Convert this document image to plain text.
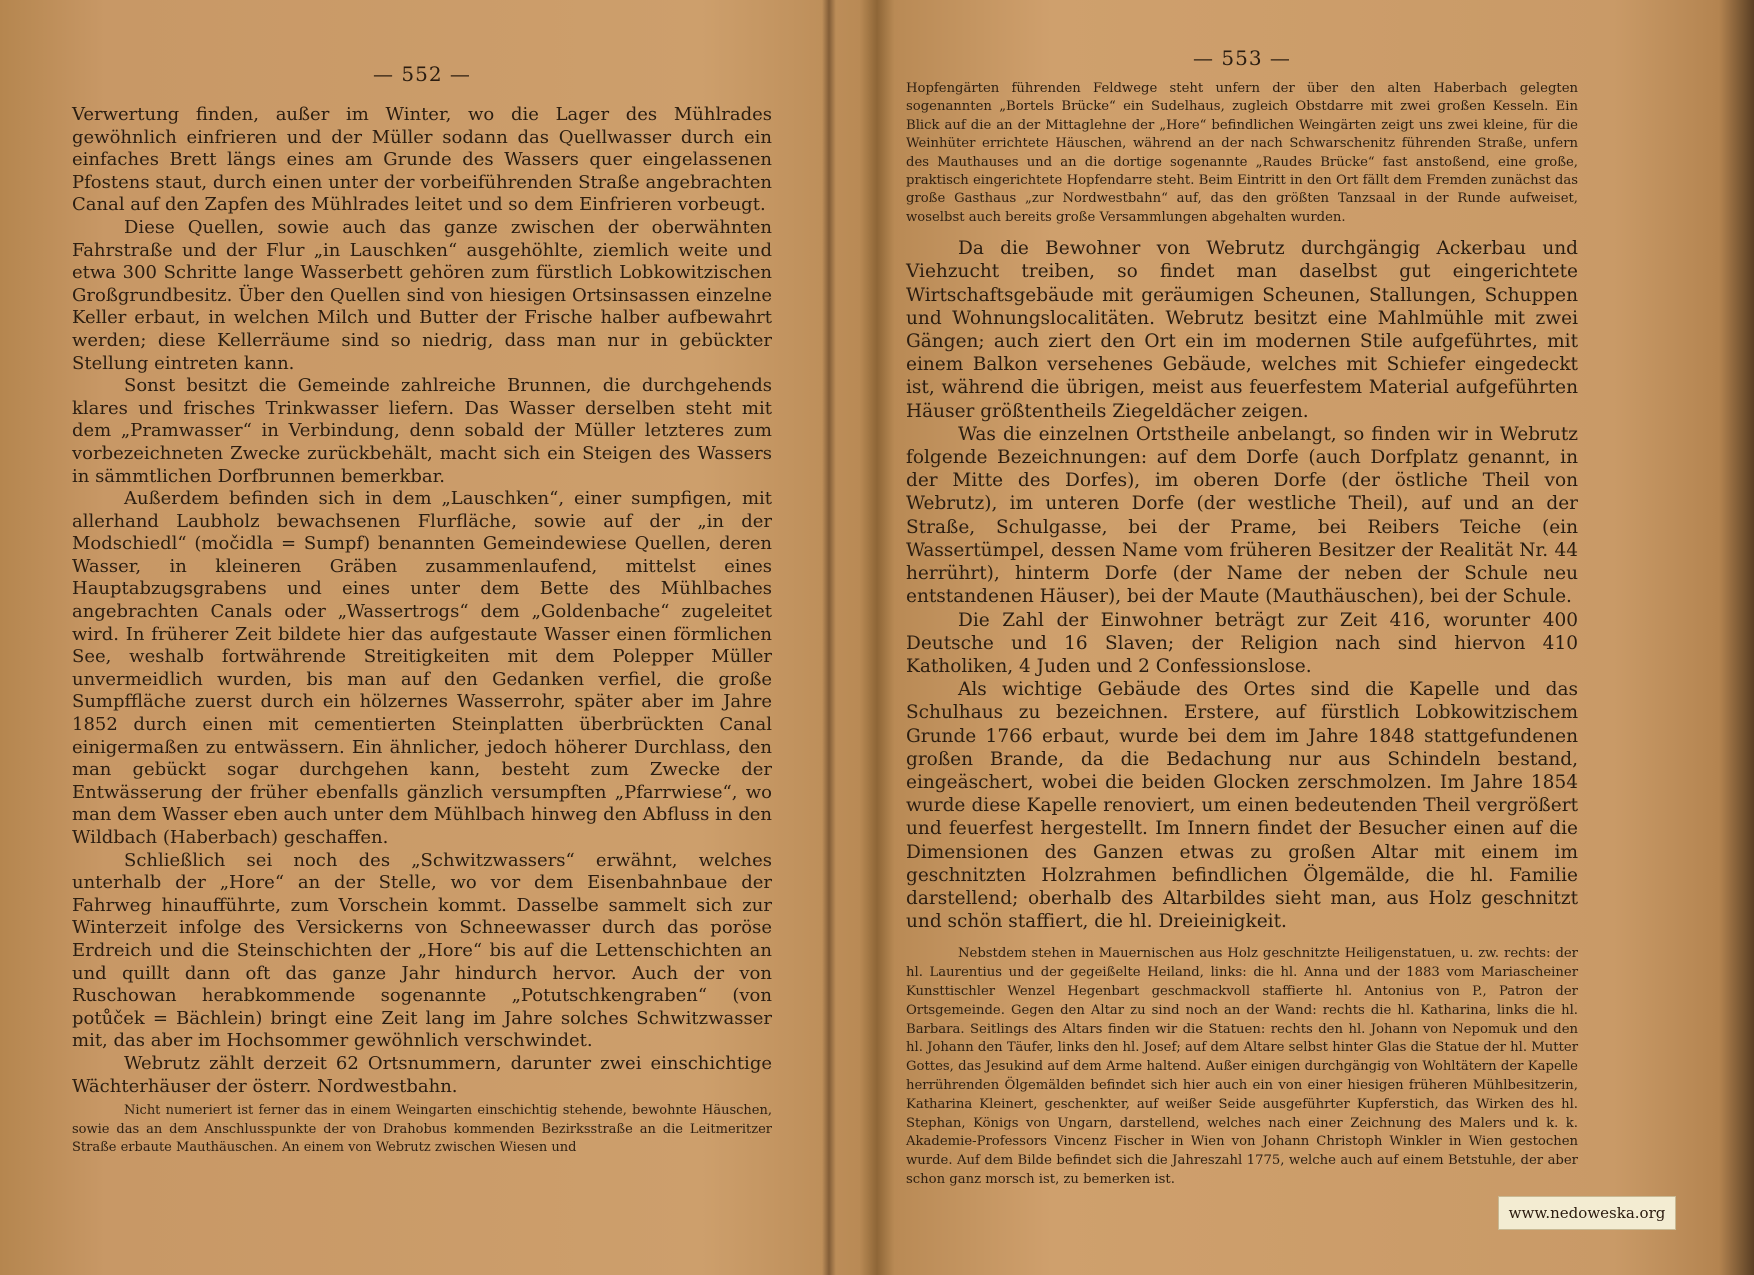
— 552 —

Verwertung finden, außer im Winter, wo die Lager des Mühlrades gewöhnlich einfrieren und der Müller sodann das Quellwasser durch ein einfaches Brett längs eines am Grunde des Wassers quer eingelassenen Pfostens staut, durch einen unter der vorbeiführenden Straße angebrachten Canal auf den Zapfen des Mühlrades leitet und so dem Einfrieren vorbeugt.

Diese Quellen, sowie auch das ganze zwischen der oberwähnten Fahrstraße und der Flur „in Lauschken“ ausgehöhlte, ziemlich weite und etwa 300 Schritte lange Wasserbett gehören zum fürstlich Lobkowitzischen Großgrundbesitz. Über den Quellen sind von hiesigen Ortsinsassen einzelne Keller erbaut, in welchen Milch und Butter der Frische halber aufbewahrt werden; diese Kellerräume sind so niedrig, dass man nur in gebückter Stellung eintreten kann.

Sonst besitzt die Gemeinde zahlreiche Brunnen, die durchgehends klares und frisches Trinkwasser liefern. Das Wasser derselben steht mit dem „Pramwasser“ in Verbindung, denn sobald der Müller letzteres zum vorbezeichneten Zwecke zurückbehält, macht sich ein Steigen des Wassers in sämmtlichen Dorfbrunnen bemerkbar.

Außerdem befinden sich in dem „Lauschken“, einer sumpfigen, mit allerhand Laubholz bewachsenen Flurfläche, sowie auf der „in der Modschiedl“ (močidla = Sumpf) benannten Gemeindewiese Quellen, deren Wasser, in kleineren Gräben zusammenlaufend, mittelst eines Hauptabzugsgrabens und eines unter dem Bette des Mühlbaches angebrachten Canals oder „Wassertrogs“ dem „Goldenbache“ zugeleitet wird. In früherer Zeit bildete hier das aufgestaute Wasser einen förmlichen See, weshalb fortwährende Streitigkeiten mit dem Polepper Müller unvermeidlich wurden, bis man auf den Gedanken verfiel, die große Sumpffläche zuerst durch ein hölzernes Wasserrohr, später aber im Jahre 1852 durch einen mit cementierten Steinplatten überbrückten Canal einigermaßen zu entwässern. Ein ähnlicher, jedoch höherer Durchlass, den man gebückt sogar durchgehen kann, besteht zum Zwecke der Entwässerung der früher ebenfalls gänzlich versumpften „Pfarrwiese“, wo man dem Wasser eben auch unter dem Mühlbach hinweg den Abfluss in den Wildbach (Haberbach) geschaffen.

Schließlich sei noch des „Schwitzwassers“ erwähnt, welches unterhalb der „Hore“ an der Stelle, wo vor dem Eisenbahnbaue der Fahrweg hinaufführte, zum Vorschein kommt. Dasselbe sammelt sich zur Winterzeit infolge des Versickerns von Schneewasser durch das poröse Erdreich und die Steinschichten der „Hore“ bis auf die Lettenschichten an und quillt dann oft das ganze Jahr hindurch hervor. Auch der von Ruschowan herabkommende sogenannte „Potutschkengraben“ (von potůček = Bächlein) bringt eine Zeit lang im Jahre solches Schwitzwasser mit, das aber im Hochsommer gewöhnlich verschwindet.

Webrutz zählt derzeit 62 Ortsnummern, darunter zwei einschichtige Wächterhäuser der österr. Nordwestbahn.

Nicht numeriert ist ferner das in einem Weingarten einschichtig stehende, bewohnte Häuschen, sowie das an dem Anschlusspunkte der von Drahobus kommenden Bezirksstraße an die Leitmeritzer Straße erbaute Mauthäuschen. An einem von Webrutz zwischen Wiesen und

— 553 —

Hopfengärten führenden Feldwege steht unfern der über den alten Haberbach gelegten sogenannten „Bortels Brücke“ ein Sudelhaus, zugleich Obstdarre mit zwei großen Kesseln. Ein Blick auf die an der Mittaglehne der „Hore“ befindlichen Weingärten zeigt uns zwei kleine, für die Weinhüter errichtete Häuschen, während an der nach Schwarschenitz führenden Straße, unfern des Mauthauses und an die dortige sogenannte „Raudes Brücke“ fast anstoßend, eine große, praktisch eingerichtete Hopfendarre steht. Beim Eintritt in den Ort fällt dem Fremden zunächst das große Gasthaus „zur Nordwestbahn“ auf, das den größten Tanzsaal in der Runde aufweiset, woselbst auch bereits große Versammlungen abgehalten wurden.

Da die Bewohner von Webrutz durchgängig Ackerbau und Viehzucht treiben, so findet man daselbst gut eingerichtete Wirtschaftsgebäude mit geräumigen Scheunen, Stallungen, Schuppen und Wohnungslocalitäten. Webrutz besitzt eine Mahlmühle mit zwei Gängen; auch ziert den Ort ein im modernen Stile aufgeführtes, mit einem Balkon versehenes Gebäude, welches mit Schiefer eingedeckt ist, während die übrigen, meist aus feuerfestem Material aufgeführten Häuser größtentheils Ziegeldächer zeigen.

Was die einzelnen Ortstheile anbelangt, so finden wir in Webrutz folgende Bezeichnungen: auf dem Dorfe (auch Dorfplatz genannt, in der Mitte des Dorfes), im oberen Dorfe (der östliche Theil von Webrutz), im unteren Dorfe (der westliche Theil), auf und an der Straße, Schulgasse, bei der Prame, bei Reibers Teiche (ein Wassertümpel, dessen Name vom früheren Besitzer der Realität Nr. 44 herrührt), hinterm Dorfe (der Name der neben der Schule neu entstandenen Häuser), bei der Maute (Mauthäuschen), bei der Schule.

Die Zahl der Einwohner beträgt zur Zeit 416, worunter 400 Deutsche und 16 Slaven; der Religion nach sind hiervon 410 Katholiken, 4 Juden und 2 Confessionslose.

Als wichtige Gebäude des Ortes sind die Kapelle und das Schulhaus zu bezeichnen. Erstere, auf fürstlich Lobkowitzischem Grunde 1766 erbaut, wurde bei dem im Jahre 1848 stattgefundenen großen Brande, da die Bedachung nur aus Schindeln bestand, eingeäschert, wobei die beiden Glocken zerschmolzen. Im Jahre 1854 wurde diese Kapelle renoviert, um einen bedeutenden Theil vergrößert und feuerfest hergestellt. Im Innern findet der Besucher einen auf die Dimensionen des Ganzen etwas zu großen Altar mit einem im geschnitzten Holzrahmen befindlichen Ölgemälde, die hl. Familie darstellend; oberhalb des Altarbildes sieht man, aus Holz geschnitzt und schön staffiert, die hl. Dreieinigkeit.

Nebstdem stehen in Mauernischen aus Holz geschnitzte Heiligenstatuen, u. zw. rechts: der hl. Laurentius und der gegeißelte Heiland, links: die hl. Anna und der 1883 vom Mariascheiner Kunsttischler Wenzel Hegenbart geschmackvoll staffierte hl. Antonius von P., Patron der Ortsgemeinde. Gegen den Altar zu sind noch an der Wand: rechts die hl. Katharina, links die hl. Barbara. Seitlings des Altars finden wir die Statuen: rechts den hl. Johann von Nepomuk und den hl. Johann den Täufer, links den hl. Josef; auf dem Altare selbst hinter Glas die Statue der hl. Mutter Gottes, das Jesukind auf dem Arme haltend. Außer einigen durchgängig von Wohltätern der Kapelle herrührenden Ölgemälden befindet sich hier auch ein von einer hiesigen früheren Mühlbesitzerin, Katharina Kleinert, geschenkter, auf weißer Seide ausgeführter Kupferstich, das Wirken des hl. Stephan, Königs von Ungarn, darstellend, welches nach einer Zeichnung des Malers und k. k. Akademie-Professors Vincenz Fischer in Wien von Johann Christoph Winkler in Wien gestochen wurde. Auf dem Bilde befindet sich die Jahreszahl 1775, welche auch auf einem Betstuhle, der aber schon ganz morsch ist, zu bemerken ist.

www.nedoweska.org
